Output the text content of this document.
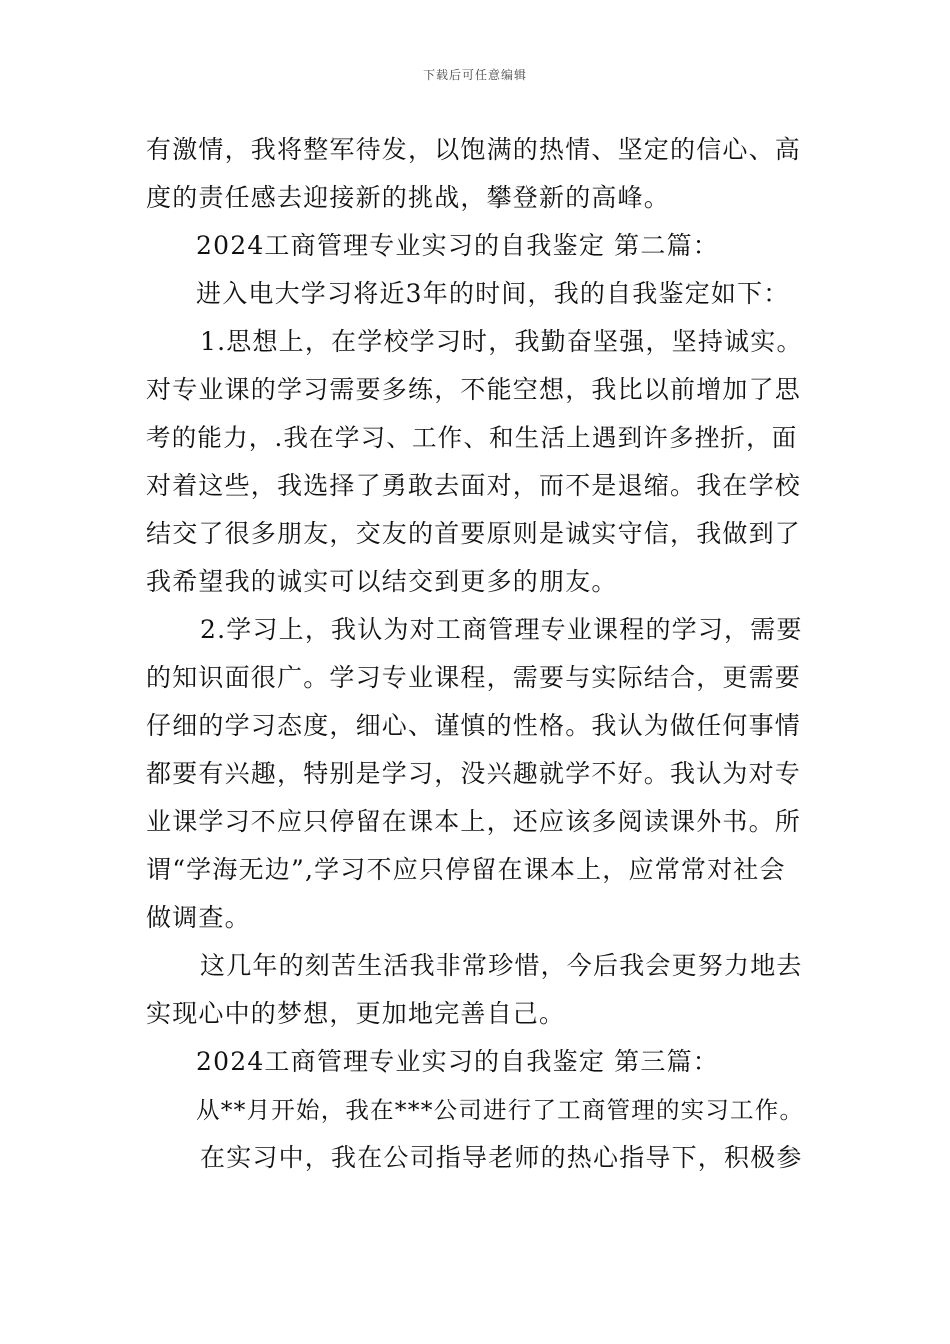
下载后可任意编辑
有激情，我将整军待发，以饱满的热情、坚定的信心、高
度的责任感去迎接新的挑战，攀登新的高峰。
2024工商管理专业实习的自我鉴定 第二篇：
进入电大学习将近3年的时间，我的自我鉴定如下：
1.思想上，在学校学习时，我勤奋坚强，坚持诚实。
对专业课的学习需要多练，不能空想，我比以前增加了思
考的能力，.我在学习、工作、和生活上遇到许多挫折，面
对着这些，我选择了勇敢去面对，而不是退缩。我在学校
结交了很多朋友，交友的首要原则是诚实守信，我做到了
我希望我的诚实可以结交到更多的朋友。
2.学习上，我认为对工商管理专业课程的学习，需要
的知识面很广。学习专业课程，需要与实际结合，更需要
仔细的学习态度，细心、谨慎的性格。我认为做任何事情
都要有兴趣，特别是学习，没兴趣就学不好。我认为对专
业课学习不应只停留在课本上，还应该多阅读课外书。所
谓“学海无边”,学习不应只停留在课本上，应常常对社会
做调查。
这几年的刻苦生活我非常珍惜，今后我会更努力地去
实现心中的梦想，更加地完善自己。
2024工商管理专业实习的自我鉴定 第三篇：
从**月开始，我在***公司进行了工商管理的实习工作。
在实习中，我在公司指导老师的热心指导下，积极参
